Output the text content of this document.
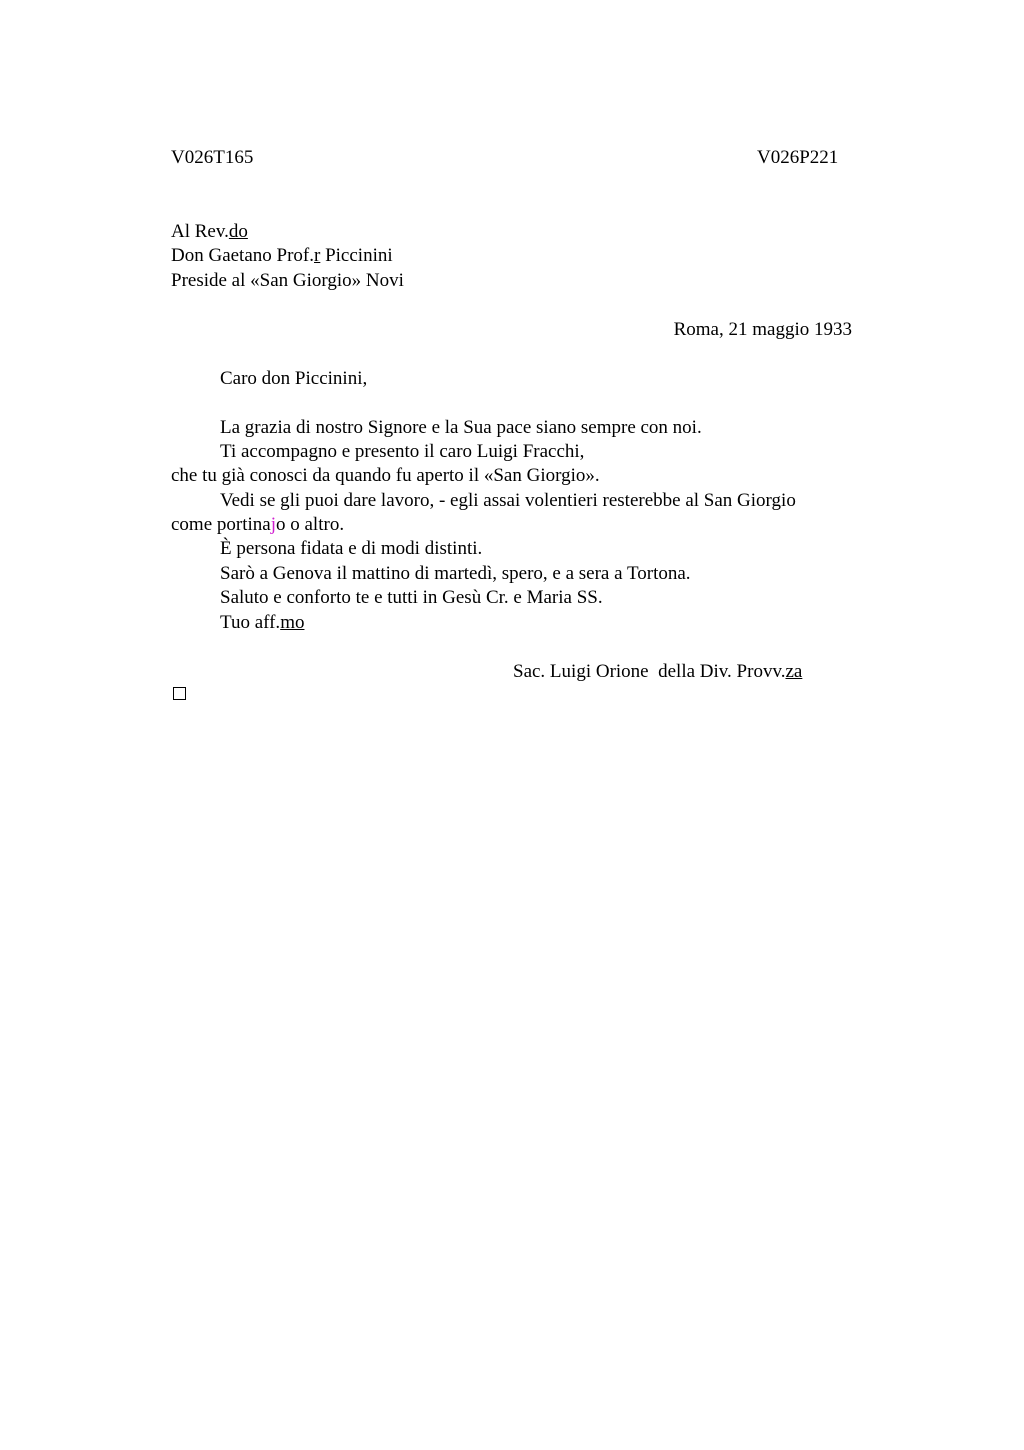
V026T165	V026P221
Al Rev.do
Don Gaetano Prof.r Piccinini
Preside al «San Giorgio» Novi
Roma, 21 maggio 1933
Caro don Piccinini,
La grazia di nostro Signore e la Sua pace siano sempre con noi.
Ti accompagno e presento il caro Luigi Fracchi,
che tu già conosci da quando fu aperto il «San Giorgio».
Vedi se gli puoi dare lavoro, - egli assai volentieri resterebbe al San Giorgio
come portinajo o altro.
È persona fidata e di modi distinti.
Sarò a Genova il mattino di martedì, spero, e a sera a Tortona.
Saluto e conforto te e tutti in Gesù Cr. e Maria SS.
Tuo aff.mo
Sac. Luigi Orione  della Div. Provv.za
